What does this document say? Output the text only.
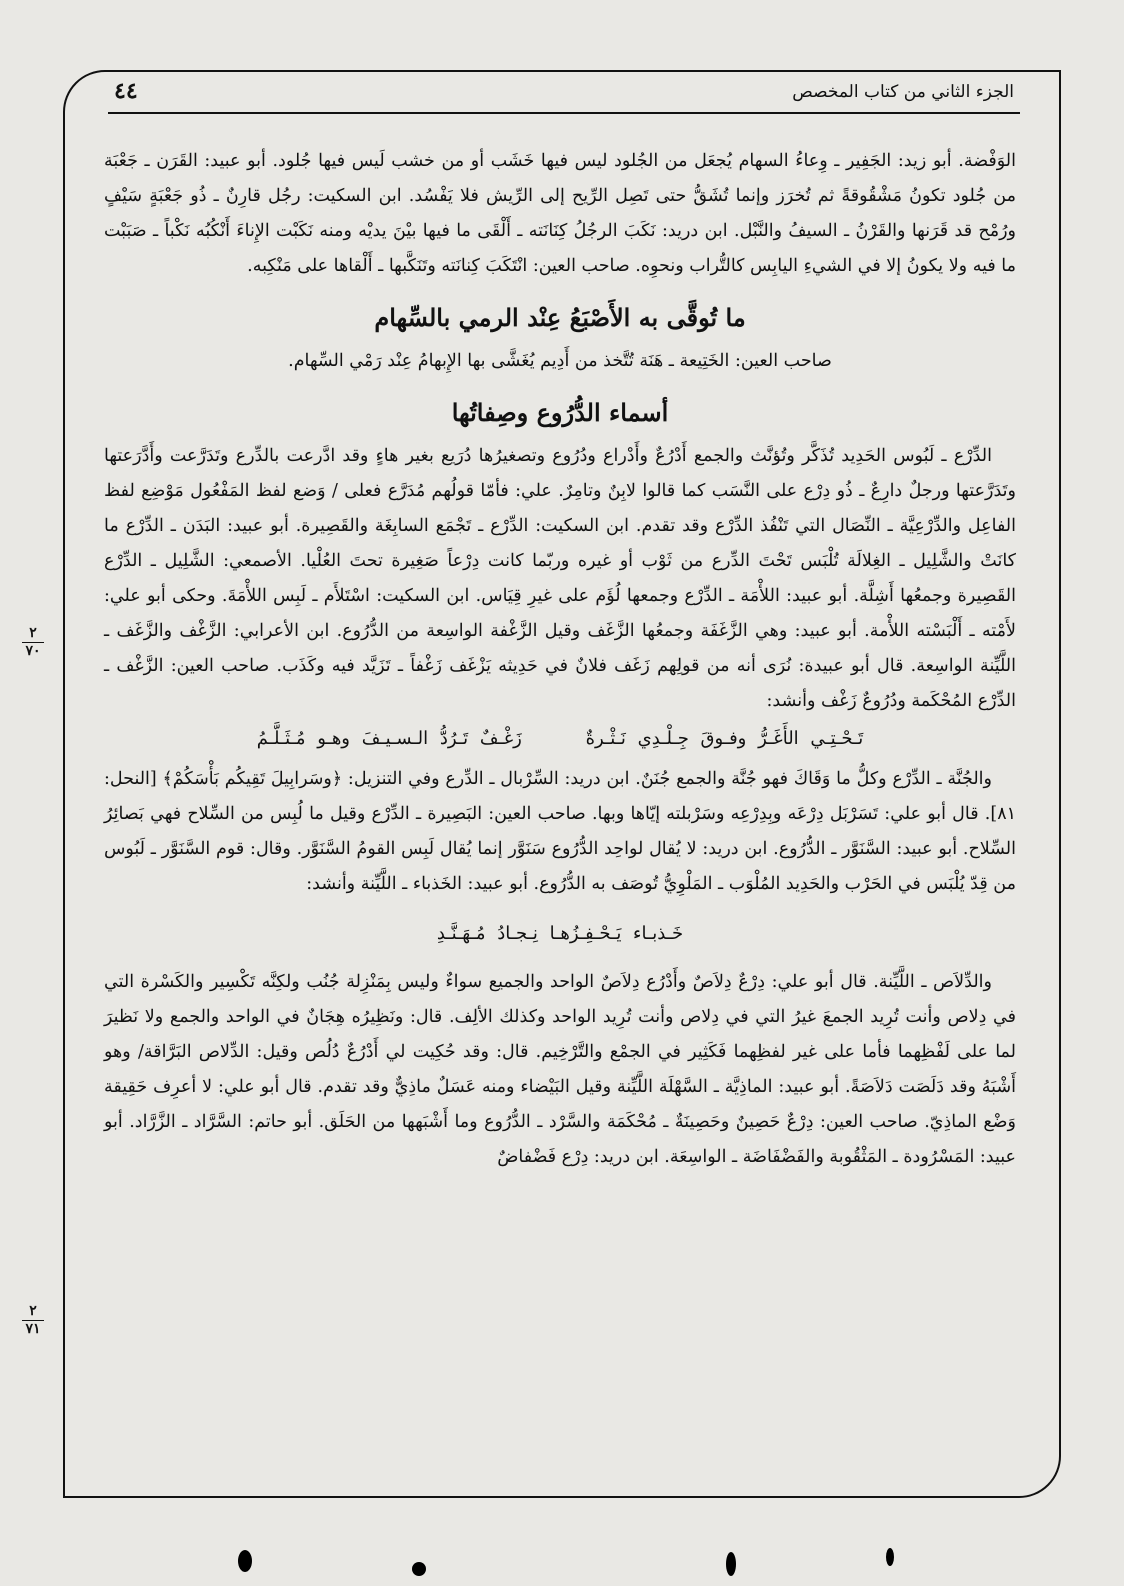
الجزء الثاني من كتاب المخصص
٤٤
٢
٧٠
٢
٧١

الوَفْضة. أبو زيد: الجَفِير ـ وِعاءُ السهام يُجعَل من الجُلود ليس فيها خَشَب أو من خشب لَيس فيها جُلود. أبو عبيد: القَرَن ـ جَعْبَة من جُلود تكونُ مَشْقُوقةً ثم تُخرَز وإنما تُشَقُّ حتى تَصِل الرِّيح إلى الرِّيش فلا يَفْسُد. ابن السكيت: رجُل قارِنٌ ـ ذُو جَعْبَةٍ سَيْفٍ ورُمْح قد قَرَنها والقَرْنُ ـ السيفُ والنَّبْل. ابن دريد: نَكَبَ الرجُلُ كِنَانَته ـ أَلْقَى ما فيها بيْنَ يديْه ومنه نَكَبْت الإِناءَ أَنْكُبُه نَكْباً ـ صَبَبْت ما فيه ولا يكونُ إلا في الشيءِ اليابِس كالتُّراب ونحوِه. صاحب العين: انْتَكَبَ كِنانَته وتَنَكَّبها ـ أَلْقاها على مَنْكِبه.

ما تُوقَّى به الأَصْبَعُ عِنْد الرمي بالسِّهام

صاحب العين: الخَتِيعة ـ هَنَة تُتَّخذ من أَدِيم يُغَشَّى بها الإِبهامُ عِنْد رَمْي السِّهام.

أسماء الدُّرُوع وصِفاتُها

الدِّرْع ـ لَبُوس الحَدِيد تُذَكَّر وتُؤنَّث والجمع أَدْرُعٌ وأَدْراع ودُرُوع وتصغيرُها دُرَيع بغير هاءٍ وقد ادَّرعت بالدِّرع وتَدَرَّعت وأَدَّرَعتها وتَدَرَّعتها ورجلٌ دارِعٌ ـ ذُو دِرْع على النَّسَب كما قالوا لابِنٌ وتامِرٌ. علي: فأمّا قولُهم مُدَرَّع فعلى / وَضع لفظ المَفْعُول مَوْضِع لفظ الفاعِل والدِّرْعِيَّة ـ النِّصَال التي تَنْفُذ الدِّرْع وقد تقدم. ابن السكيت: الدِّرْع ـ تَجْمَع السابِغَة والقَصِيرة. أبو عبيد: البَدَن ـ الدِّرْع ما كانَتْ والشَّلِيل ـ الغِلالَة تُلْبَس تَحْتَ الدِّرع من ثَوْب أو غيره وربّما كانت دِرْعاً صَغِيرة تحتَ العُلْيا. الأصمعي: الشَّلِيل ـ الدِّرْع القَصِيرة وجمعُها أَشِلَّة. أبو عبيد: اللأْمَة ـ الدِّرْع وجمعها لُؤَم على غيرِ قِيَاس. ابن السكيت: اسْتَلأَم ـ لَبِس اللأْمَةَ. وحكى أبو علي: لأَمْته ـ أَلْبَسْته اللأْمة. أبو عبيد: وهي الزَّغَفَة وجمعُها الزَّغَف وقيل الزَّغْفة الواسِعة من الدُّرُوع. ابن الأعرابي: الزَّغْف والزَّغَف ـ اللَّيِّنة الواسِعة. قال أبو عبيدة: نُرَى أنه من قولِهم زَغَف فلانٌ في حَدِيثه يَزْغَف زَغْفاً ـ تَزَيَّد فيه وكَذَب. صاحب العين: الزَّغْف ـ الدِّرْع المُحْكَمة ودُرُوعٌ زَغْف وأنشد:

تَـحْـتِـي الأَغَـرُّ وفـوقَ جِـلْـدِي نَـثْـرةٌ زَغْـفٌ تَـرُدُّ الـسـيـفَ وهـو مُـثَـلَّـمُ

والجُنَّة ـ الدِّرْع وكلُّ ما وَقَاكَ فهو جُنَّة والجمع جُنَنٌ. ابن دريد: السِّرْبال ـ الدِّرع وفي التنزيل: ﴿وسَرابِيلَ تَقِيكُم بَأْسَكُمْ﴾ [النحل: ٨١]. قال أبو علي: تَسَرْبَل دِرْعَه وبِدِرْعِه وسَرْبلته إيّاها وبها. صاحب العين: البَصِيرة ـ الدِّرْع وقيل ما لُبِس من السِّلاح فهي بَصائِرُ السِّلاح. أبو عبيد: السَّنَوَّر ـ الدُّرُوع. ابن دريد: لا يُقال لواحِد الدُّرُوع سَنَوَّر إنما يُقال لَبِس القومُ السَّنَوَّر. وقال: قوم السَّنَوَّر ـ لَبُوس من قِدّ يُلْبَس في الحَرْب والحَدِيد المُلْوَب ـ المَلْوِيُّ تُوصَف به الدُّرُوع. أبو عبيد: الخَذباء ـ اللَّيِّنة وأنشد:

خَـذبـاء يَـحْـفِـزُهـا نِـجـادُ مُـهَـنَّـدِ

والدِّلاَص ـ اللَّيِّنة. قال أبو علي: دِرْعٌ دِلاَصٌ وأَدْرُع دِلاَصٌ الواحد والجميع سواءٌ وليس بِمَنْزِلة جُنُب ولكِنَّه تَكْسِير والكَسْرة التي في دِلاص وأنت تُرِيد الجمعَ غيرُ التي في دِلاص وأنت تُرِيد الواحد وكذلك الألِف. قال: ونَظِيرُه هِجَانٌ في الواحد والجمع ولا نَظيرَ لما على لَفْظِهما فأما على غير لفظِهما فَكَثِير في الجمْع والتَّرْخِيم. قال: وقد حُكِيت لي أَدْرُعٌ دُلُص وقيل: الدِّلاص البَرَّاقة/ وهو أَشْبَهُ وقد دَلَصَت دَلاَصَةً. أبو عبيد: الماذِيَّة ـ السَّهْلَة اللَّيِّنة وقيل البَيْضاء ومنه عَسَلٌ ماذِيٌّ وقد تقدم. قال أبو علي: لا أعرِف حَقِيقة وَضْع الماذِيّ. صاحب العين: دِرْعٌ حَصِينٌ وحَصِينَةٌ ـ مُحْكَمَة والسَّرْد ـ الدُّرُوع وما أَشْبَهها من الحَلَق. أبو حاتم: السَّرَّاد ـ الزَّرَّاد. أبو عبيد: المَسْرُودة ـ المَثْقُوبة والفَضْفَاضَة ـ الواسِعَة. ابن دريد: دِرْع فَضْفاضٌ
